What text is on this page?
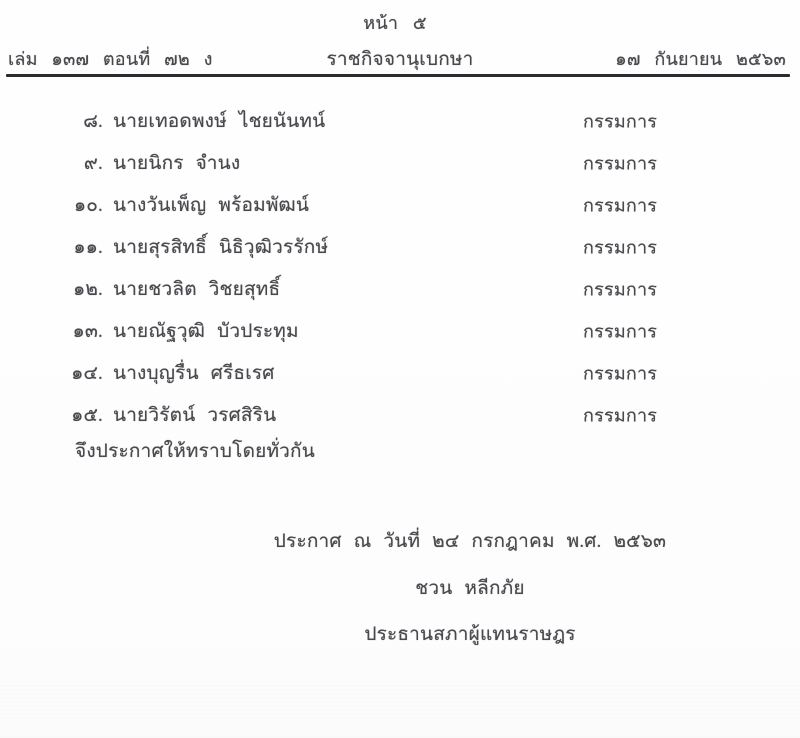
หน้า ๕
เล่ม ๑๓๗ ตอนที่ ๗๒ ง	ราชกิจจานุเบกษา	๑๗ กันยายน ๒๕๖๓
๘. นายเทอดพงษ์ ไชยนันทน์	กรรมการ
๙. นายนิกร จำนง	กรรมการ
๑๐. นางวันเพ็ญ พร้อมพัฒน์	กรรมการ
๑๑. นายสุรสิทธิ์ นิธิวุฒิวรรักษ์	กรรมการ
๑๒. นายชวลิต วิชยสุทธิ์	กรรมการ
๑๓. นายณัฐวุฒิ บัวประทุม	กรรมการ
๑๔. นางบุญรื่น ศรีธเรศ	กรรมการ
๑๕. นายวิรัตน์ วรศสิริน	กรรมการ
จึงประกาศให้ทราบโดยทั่วกัน
ประกาศ ณ วันที่ ๒๔ กรกฎาคม พ.ศ. ๒๕๖๓
ชวน หลีกภัย
ประธานสภาผู้แทนราษฎร
